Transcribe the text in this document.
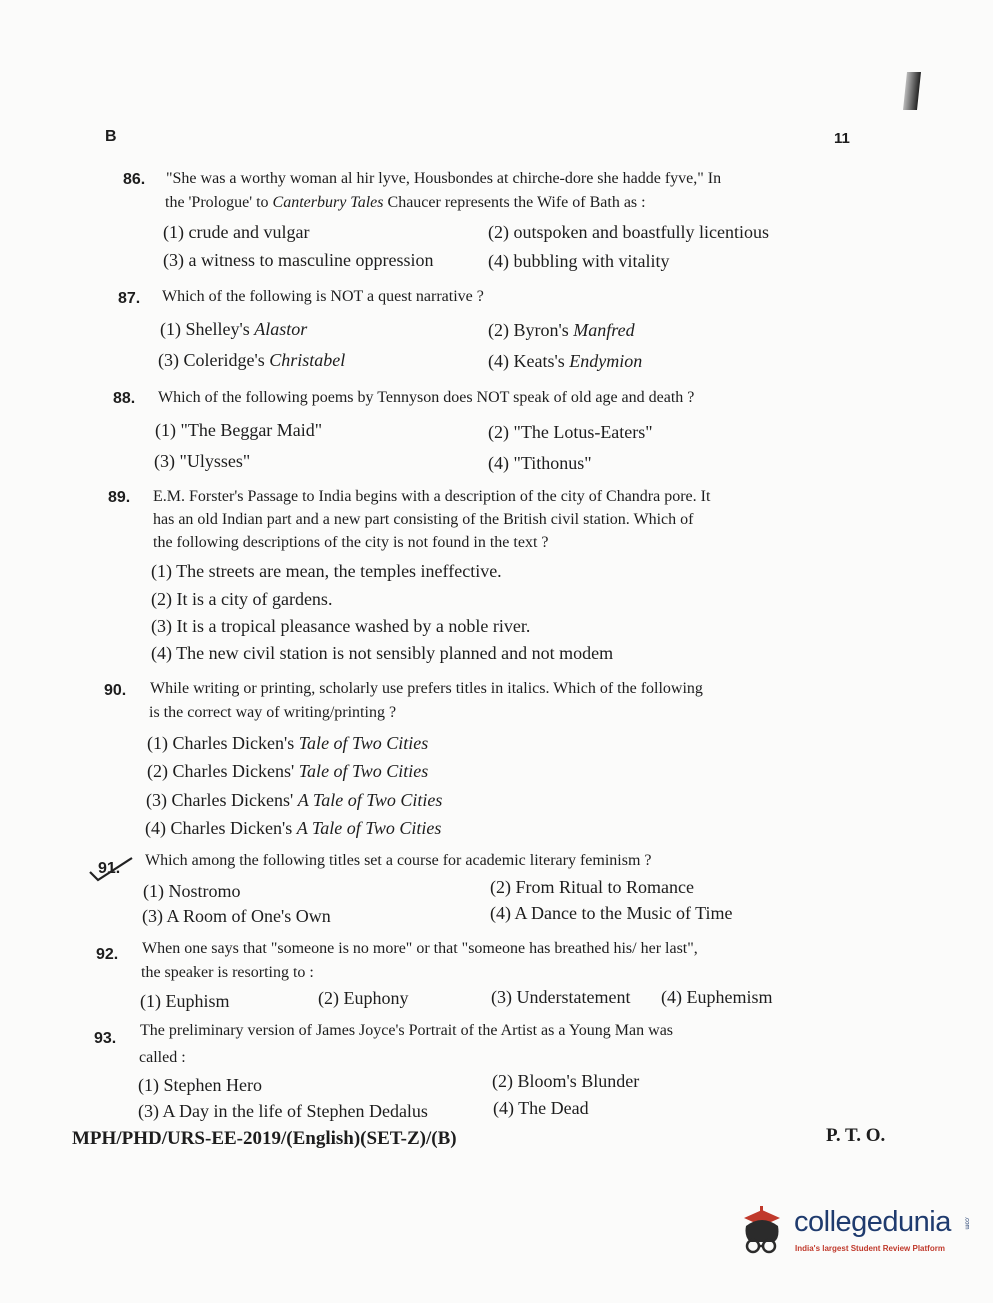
B	11
86. "She was a worthy woman al hir lyve, Housbondes at chirche-dore she hadde fyve," In
the 'Prologue' to Canterbury Tales Chaucer represents the Wife of Bath as :
(1) crude and vulgar	(2) outspoken and boastfully licentious
(3) a witness to masculine oppression	(4) bubbling with vitality
87. Which of the following is NOT a quest narrative ?
(1) Shelley's Alastor	(2) Byron's Manfred
(3) Coleridge's Christabel	(4) Keats's Endymion
88. Which of the following poems by Tennyson does NOT speak of old age and death ?
(1) "The Beggar Maid"	(2) "The Lotus-Eaters"
(3) "Ulysses"	(4) "Tithonus"
89. E.M. Forster's Passage to India begins with a description of the city of Chandra pore. It
has an old Indian part and a new part consisting of the British civil station. Which of
the following descriptions of the city is not found in the text ?
(1) The streets are mean, the temples ineffective.
(2) It is a city of gardens.
(3) It is a tropical pleasance washed by a noble river.
(4) The new civil station is not sensibly planned and not modem
90. While writing or printing, scholarly use prefers titles in italics. Which of the following
is the correct way of writing/printing ?
(1) Charles Dicken's Tale of Two Cities
(2) Charles Dickens' Tale of Two Cities
(3) Charles Dickens' A Tale of Two Cities
(4) Charles Dicken's A Tale of Two Cities
91. Which among the following titles set a course for academic literary feminism ?
(1) Nostromo	(2) From Ritual to Romance
(3) A Room of One's Own	(4) A Dance to the Music of Time
92. When one says that "someone is no more" or that "someone has breathed his/ her last",
the speaker is resorting to :
(1) Euphism	(2) Euphony	(3) Understatement (4) Euphemism
93. The preliminary version of James Joyce's Portrait of the Artist as a Young Man was
called :
(1) Stephen Hero	(2) Bloom's Blunder
(3) A Day in the life of Stephen Dedalus	(4) The Dead
MPH/PHD/URS-EE-2019/(English)(SET-Z)/(B)	P. T. O.
collegedunia .com
India's largest Student Review Platform
